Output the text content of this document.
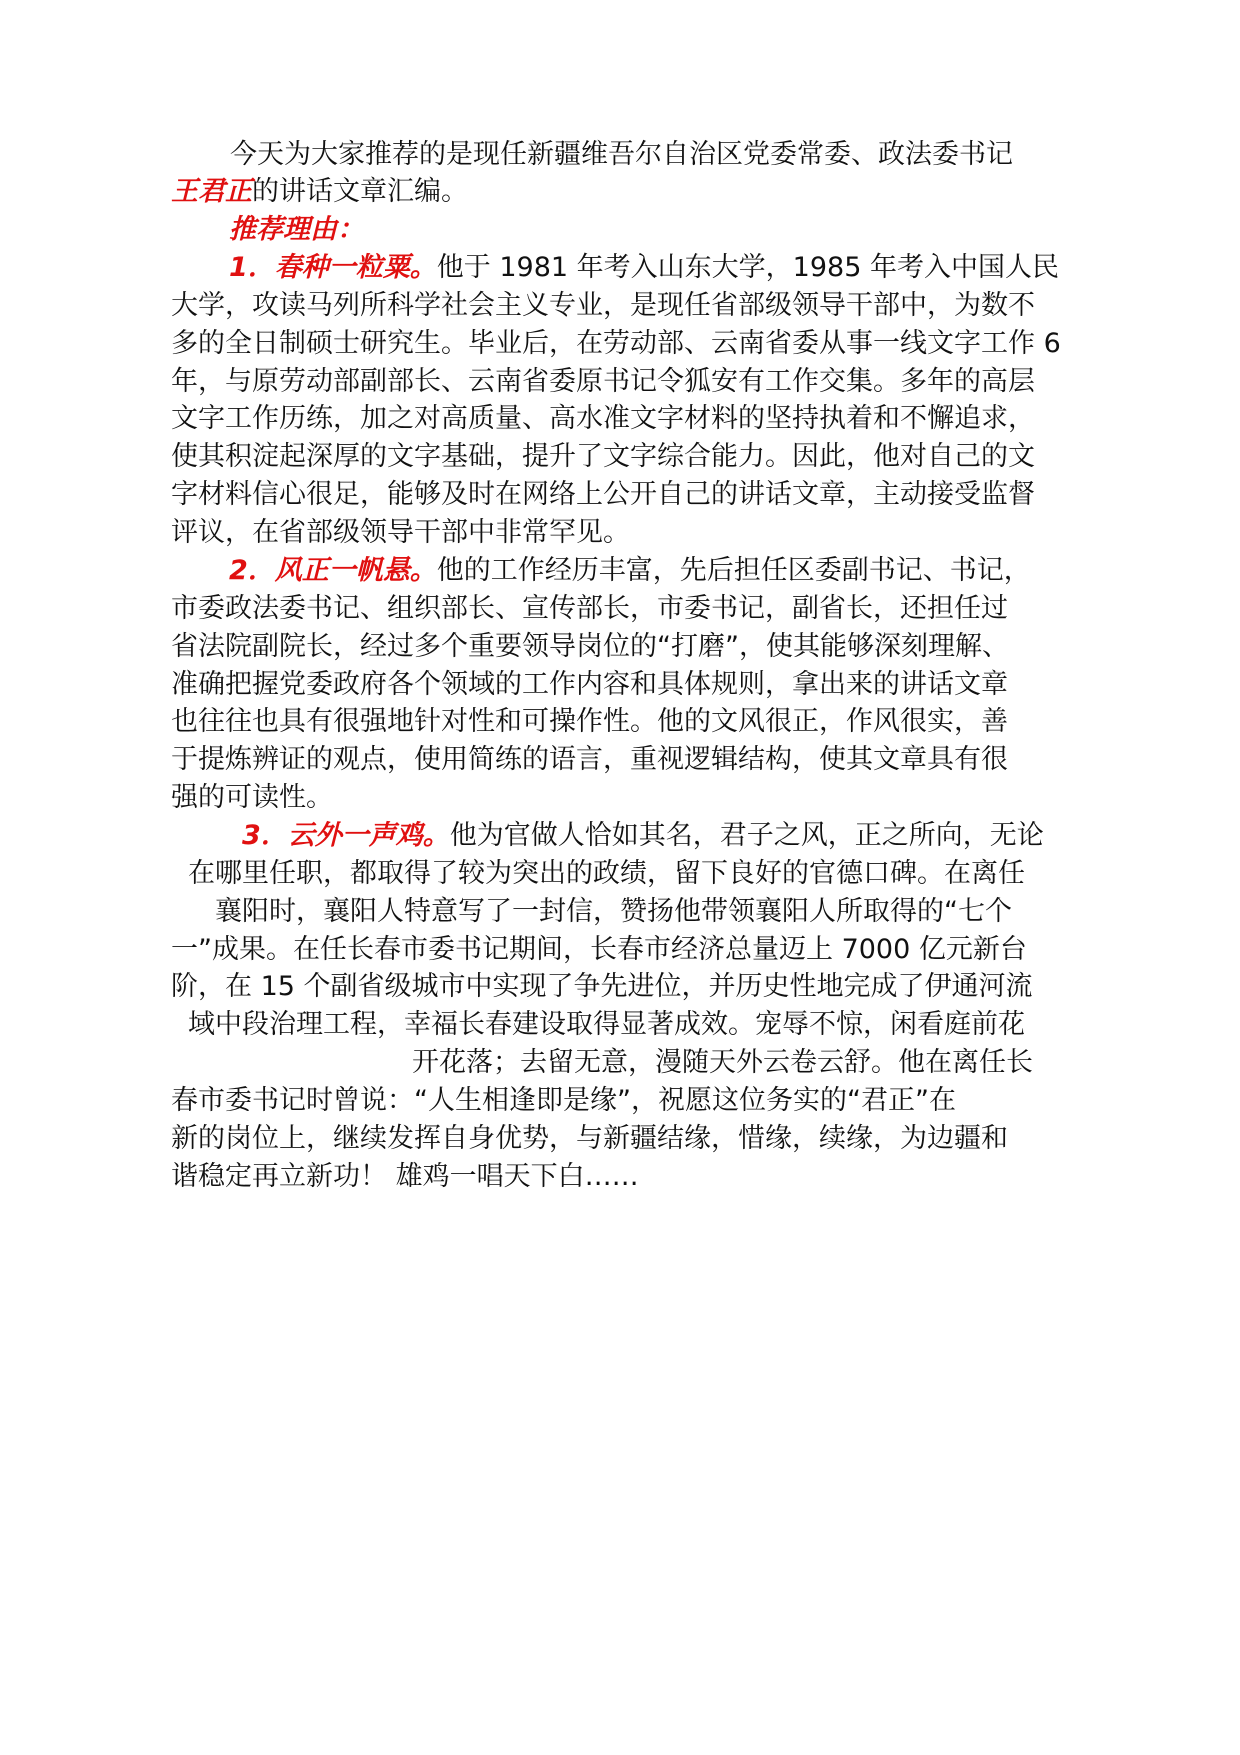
今天为大家推荐的是现任新疆维吾尔自治区党委常委、政法委书记
王君正的讲话文章汇编。
推荐理由：
1．春种一粒粟。他于 1981 年考入山东大学，1985 年考入中国人民
大学，攻读马列所科学社会主义专业，是现任省部级领导干部中，为数不
多的全日制硕士研究生。毕业后，在劳动部、云南省委从事一线文字工作 6
年，与原劳动部副部长、云南省委原书记令狐安有工作交集。多年的高层
文字工作历练，加之对高质量、高水准文字材料的坚持执着和不懈追求，
使其积淀起深厚的文字基础，提升了文字综合能力。因此，他对自己的文
字材料信心很足，能够及时在网络上公开自己的讲话文章，主动接受监督
评议，在省部级领导干部中非常罕见。
2．风正一帆悬。他的工作经历丰富，先后担任区委副书记、书记，
市委政法委书记、组织部长、宣传部长，市委书记，副省长，还担任过
省法院副院长，经过多个重要领导岗位的“打磨”，使其能够深刻理解、
准确把握党委政府各个领域的工作内容和具体规则，拿出来的讲话文章
也往往也具有很强地针对性和可操作性。他的文风很正，作风很实，善
于提炼辨证的观点，使用简练的语言，重视逻辑结构，使其文章具有很
强的可读性。
3．云外一声鸡。他为官做人恰如其名，君子之风，正之所向，无论
在哪里任职，都取得了较为突出的政绩，留下良好的官德口碑。在离任
襄阳时，襄阳人特意写了一封信，赞扬他带领襄阳人所取得的“七个
一”成果。在任长春市委书记期间，长春市经济总量迈上 7000 亿元新台
阶，在 15 个副省级城市中实现了争先进位，并历史性地完成了伊通河流
域中段治理工程，幸福长春建设取得显著成效。宠辱不惊，闲看庭前花
开花落；去留无意，漫随天外云卷云舒。他在离任长
春市委书记时曾说：“人生相逢即是缘”，祝愿这位务实的“君正”在
新的岗位上，继续发挥自身优势，与新疆结缘，惜缘，续缘，为边疆和
谐稳定再立新功！ 雄鸡一唱天下白……
